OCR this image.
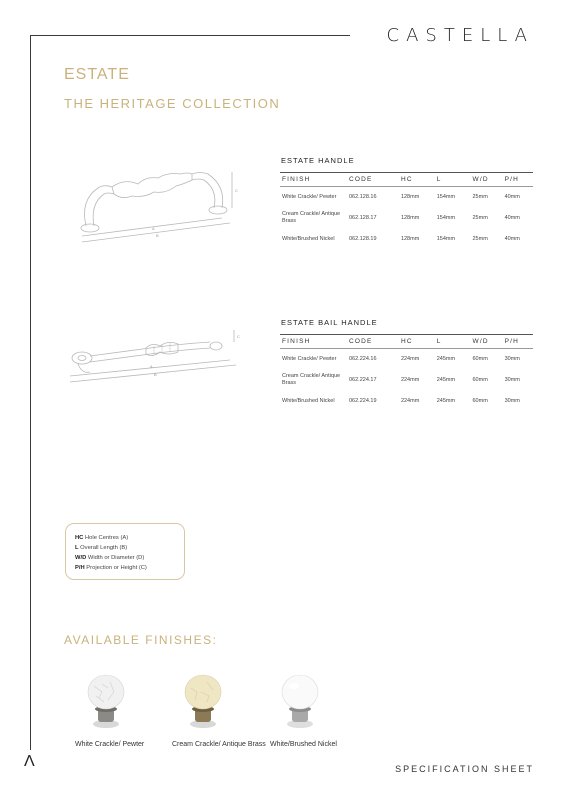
CASTELLA
ESTATE
THE HERITAGE COLLECTION
C
A
B
C
A
B
ESTATE HANDLE
FINISH	CODE	HC	L	W/D	P/H
White Crackle/ Pewter	062.128.16	128mm	154mm	25mm	40mm
Cream Crackle/ Antique Brass	062.128.17	128mm	154mm	25mm	40mm
White/Brushed Nickel	062.128.19	128mm	154mm	25mm	40mm
ESTATE BAIL HANDLE
FINISH	CODE	HC	L	W/D	P/H
White Crackle/ Pewter	062.224.16	224mm	245mm	60mm	30mm
Cream Crackle/ Antique Brass	062.224.17	224mm	245mm	60mm	30mm
White/Brushed Nickel	062.224.19	224mm	245mm	60mm	30mm
HC Hole Centres (A)
L Overall Length (B)
W/D Width or Diameter (D)
P/H Projection or Height (C)
AVAILABLE FINISHES:
White Crackle/ Pewter	Cream Crackle/ Antique Brass White/Brushed Nickel
Λ	SPECIFICATION SHEET
